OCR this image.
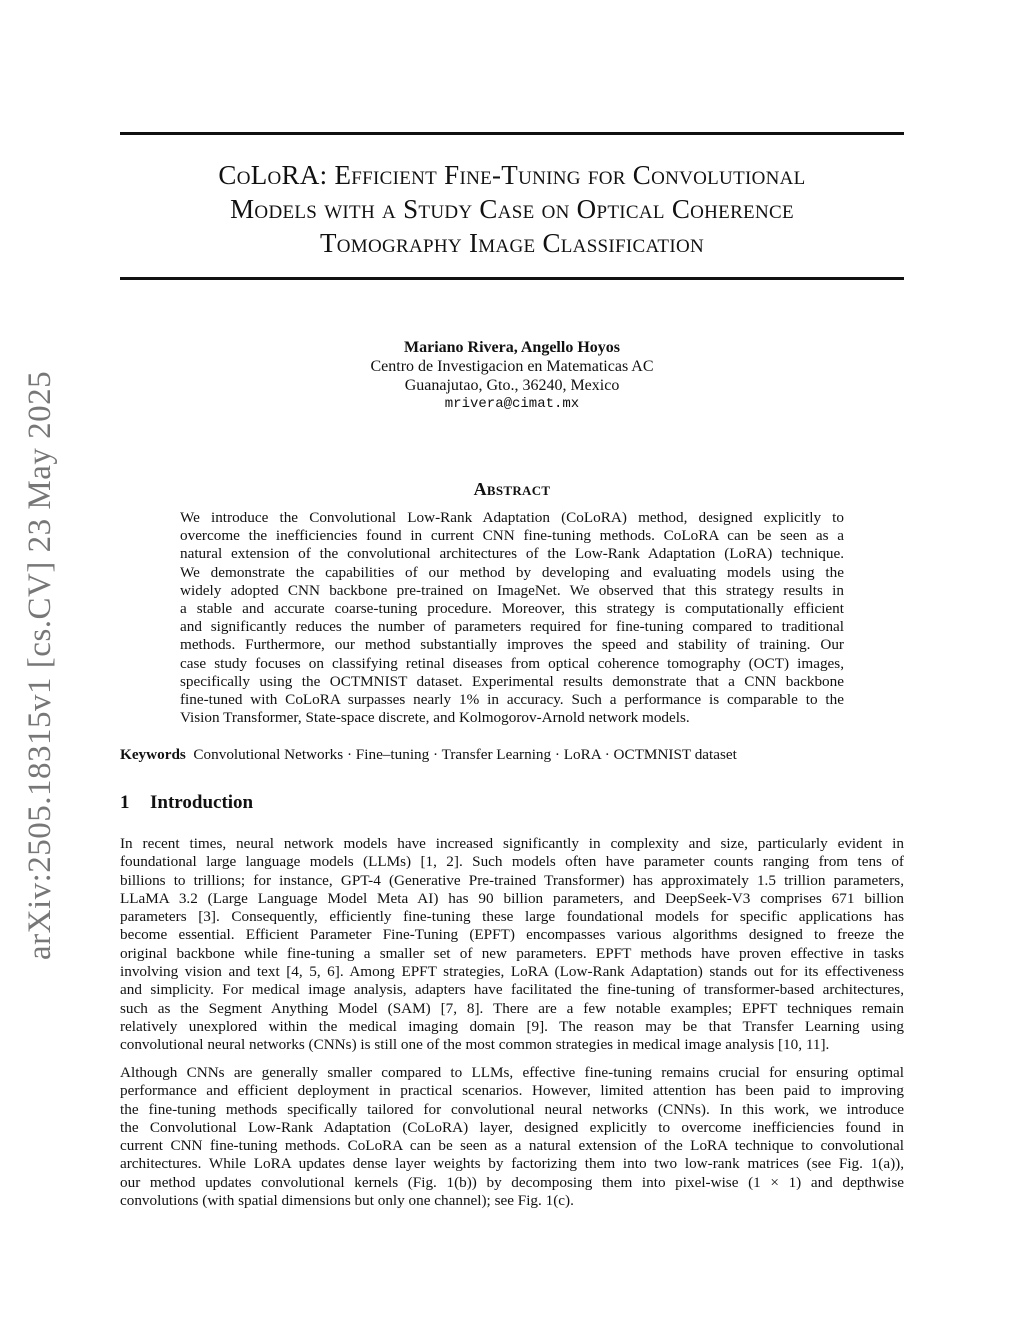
arXiv:2505.18315v1 [cs.CV] 23 May 2025
CoLoRA: Efficient Fine-Tuning for Convolutional
Models with a Study Case on Optical Coherence
Tomography Image Classification
Mariano Rivera, Angello Hoyos
Centro de Investigacion en Matematicas AC
Guanajutao, Gto., 36240, Mexico
mrivera@cimat.mx
Abstract
We introduce the Convolutional Low-Rank Adaptation (CoLoRA) method, designed explicitly to
overcome the inefficiencies found in current CNN fine-tuning methods. CoLoRA can be seen as a
natural extension of the convolutional architectures of the Low-Rank Adaptation (LoRA) technique.
We demonstrate the capabilities of our method by developing and evaluating models using the
widely adopted CNN backbone pre-trained on ImageNet. We observed that this strategy results in
a stable and accurate coarse-tuning procedure. Moreover, this strategy is computationally efficient
and significantly reduces the number of parameters required for fine-tuning compared to traditional
methods. Furthermore, our method substantially improves the speed and stability of training. Our
case study focuses on classifying retinal diseases from optical coherence tomography (OCT) images,
specifically using the OCTMNIST dataset. Experimental results demonstrate that a CNN backbone
fine-tuned with CoLoRA surpasses nearly 1% in accuracy. Such a performance is comparable to the
Vision Transformer, State-space discrete, and Kolmogorov-Arnold network models.
Keywords Convolutional Networks · Fine–tuning · Transfer Learning · LoRA · OCTMNIST dataset
1 Introduction
In recent times, neural network models have increased significantly in complexity and size, particularly evident in
foundational large language models (LLMs) [1, 2]. Such models often have parameter counts ranging from tens of
billions to trillions; for instance, GPT-4 (Generative Pre-trained Transformer) has approximately 1.5 trillion parameters,
LLaMA 3.2 (Large Language Model Meta AI) has 90 billion parameters, and DeepSeek-V3 comprises 671 billion
parameters [3]. Consequently, efficiently fine-tuning these large foundational models for specific applications has
become essential. Efficient Parameter Fine-Tuning (EPFT) encompasses various algorithms designed to freeze the
original backbone while fine-tuning a smaller set of new parameters. EPFT methods have proven effective in tasks
involving vision and text [4, 5, 6]. Among EPFT strategies, LoRA (Low-Rank Adaptation) stands out for its effectiveness
and simplicity. For medical image analysis, adapters have facilitated the fine-tuning of transformer-based architectures,
such as the Segment Anything Model (SAM) [7, 8]. There are a few notable examples; EPFT techniques remain
relatively unexplored within the medical imaging domain [9]. The reason may be that Transfer Learning using
convolutional neural networks (CNNs) is still one of the most common strategies in medical image analysis [10, 11].
Although CNNs are generally smaller compared to LLMs, effective fine-tuning remains crucial for ensuring optimal
performance and efficient deployment in practical scenarios. However, limited attention has been paid to improving
the fine-tuning methods specifically tailored for convolutional neural networks (CNNs). In this work, we introduce
the Convolutional Low-Rank Adaptation (CoLoRA) layer, designed explicitly to overcome inefficiencies found in
current CNN fine-tuning methods. CoLoRA can be seen as a natural extension of the LoRA technique to convolutional
architectures. While LoRA updates dense layer weights by factorizing them into two low-rank matrices (see Fig. 1(a)),
our method updates convolutional kernels (Fig. 1(b)) by decomposing them into pixel-wise (1 × 1) and depthwise
convolutions (with spatial dimensions but only one channel); see Fig. 1(c).
